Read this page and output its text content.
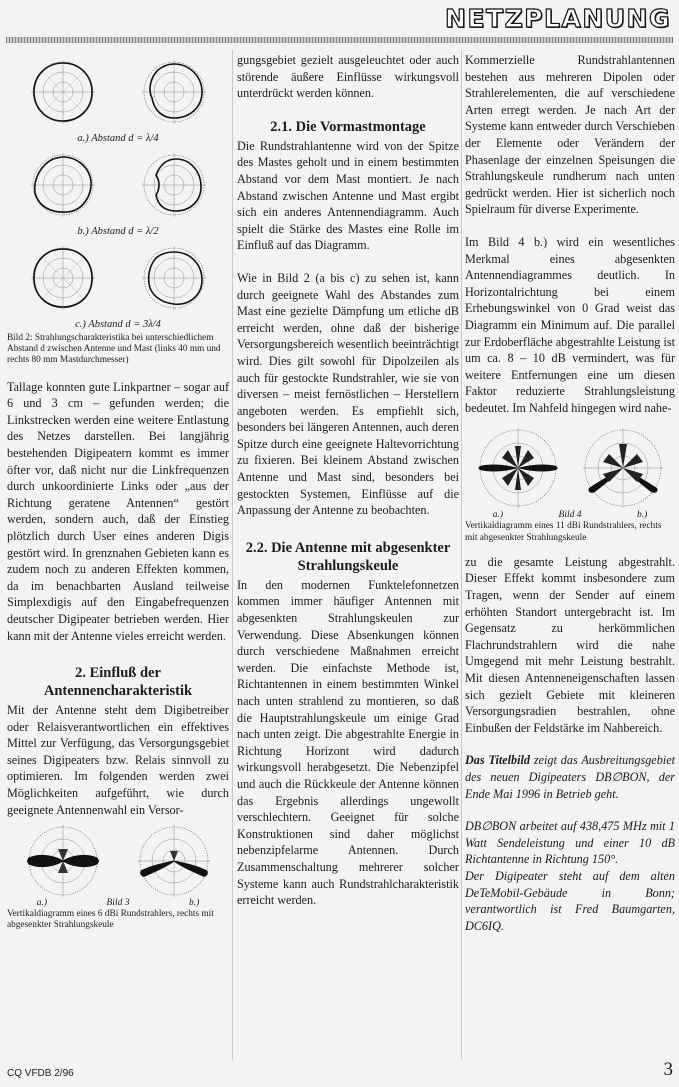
NETZPLANUNG

a.) Abstand d = λ/4

b.) Abstand d = λ/2

c.) Abstand d = 3λ/4

Bild 2: Strahlungscharakteristika bei unterschiedlichem Abstand d zwischen Antenne und Mast (links 40 mm und rechts 80 mm Mastdurchmesser)

Tallage konnten gute Linkpartner – sogar auf 6 und 3 cm – gefunden werden; die Linkstrecken werden eine weitere Entlastung des Netzes darstellen. Bei langjährig bestehenden Digipeatern kommt es immer öfter vor, daß nicht nur die Linkfrequenzen durch unkoordinierte Links oder „aus der Richtung geratene Antennen“ gestört werden, sondern auch, daß der Einstieg plötzlich durch User eines anderen Digis gestört wird. In grenznahen Gebieten kann es zudem noch zu anderen Effekten kommen, da im benachbarten Ausland teilweise Simplexdigis auf den Eingabefrequenzen deutscher Digipeater betrieben werden. Hier kann mit der Antenne vieles erreicht werden.

2. Einfluß der Antennencharakteristik

Mit der Antenne steht dem Digibetreiber oder Relaisverantwortlichen ein effektives Mittel zur Verfügung, das Versorgungsgebiet seines Digipeaters bzw. Relais sinnvoll zu optimieren. Im folgenden werden zwei Möglichkeiten aufgeführt, wie durch geeignete Antennenwahl ein Versor-

a.)	Bild 3	b.)

Vertikaldiagramm eines 6 dBi Rundstrahlers, rechts mit abgesenkter Strahlungskeule

gungsgebiet gezielt ausgeleuchtet oder auch störende äußere Einflüsse wirkungsvoll unterdrückt werden können.

2.1. Die Vormastmontage

Die Rundstrahlantenne wird von der Spitze des Mastes geholt und in einem bestimmten Abstand vor dem Mast montiert. Je nach Abstand zwischen Antenne und Mast ergibt sich ein anderes Antennendiagramm. Auch spielt die Stärke des Mastes eine Rolle im Einfluß auf das Diagramm.

Wie in Bild 2 (a bis c) zu sehen ist, kann durch geeignete Wahl des Abstandes zum Mast eine gezielte Dämpfung um etliche dB erreicht werden, ohne daß der bisherige Versorgungsbereich wesentlich beeinträchtigt wird. Dies gilt sowohl für Dipolzeilen als auch für gestockte Rundstrahler, wie sie von diversen – meist fernöstlichen – Herstellern angeboten werden. Es empfiehlt sich, besonders bei längeren Antennen, auch deren Spitze durch eine geeignete Haltevorrichtung zu fixieren. Bei kleinem Abstand zwischen Antenne und Mast sind, besonders bei gestockten Systemen, Einflüsse auf die Anpassung der Antenne zu beobachten.

2.2. Die Antenne mit abgesenkter Strahlungskeule

In den modernen Funktelefonnetzen kommen immer häufiger Antennen mit abgesenkten Strahlungskeulen zur Verwendung. Diese Absenkungen können durch verschiedene Maßnahmen erreicht werden. Die einfachste Methode ist, Richtantennen in einem bestimmten Winkel nach unten strahlend zu montieren, so daß die Hauptstrahlungskeule um einige Grad nach unten zeigt. Die abgestrahlte Energie in Richtung Horizont wird dadurch wirkungsvoll herabgesetzt. Die Nebenzipfel und auch die Rückkeule der Antenne können das Ergebnis allerdings ungewollt verschlechtern. Geeignet für solche Konstruktionen sind daher möglichst nebenzipfelarme Antennen. Durch Zusammenschaltung mehrerer solcher Systeme kann auch Rundstrahlcharakteristik erreicht werden.

Kommerzielle Rundstrahlantennen bestehen aus mehreren Dipolen oder Strahlerelementen, die auf verschiedene Arten erregt werden. Je nach Art der Systeme kann entweder durch Verschieben der Elemente oder Verändern der Phasenlage der einzelnen Speisungen die Strahlungskeule rundherum nach unten gedrückt werden. Hier ist sicherlich noch Spielraum für diverse Experimente.

Im Bild 4 b.) wird ein wesentliches Merkmal eines abgesenkten Antennendiagrammes deutlich. In Horizontalrichtung bei einem Erhebungswinkel von 0 Grad weist das Diagramm ein Minimum auf. Die parallel zur Erdoberfläche abgestrahlte Leistung ist um ca. 8 – 10 dB vermindert, was für weitere Entfernungen eine um diesen Faktor reduzierte Strahlungsleistung bedeutet. Im Nahfeld hingegen wird nahe-

a.)	Bild 4	b.)

Vertikaldiagramm eines 11 dBi Rundstrahlers, rechts mit abgesenkter Strahlungskeule

zu die gesamte Leistung abgestrahlt. Dieser Effekt kommt insbesondere zum Tragen, wenn der Sender auf einem erhöhten Standort untergebracht ist. Im Gegensatz zu herkömmlichen Flachrundstrahlern wird die nahe Umgegend mit mehr Leistung bestrahlt. Mit diesen Antenneneigenschaften lassen sich gezielt Gebiete mit kleineren Versorgungsradien bestrahlen, ohne Einbußen der Feldstärke im Nahbereich.

Das Titelbild zeigt das Ausbreitungsgebiet des neuen Digipeaters DB∅BON, der Ende Mai 1996 in Betrieb geht.

DB∅BON arbeitet auf 438,475 MHz mit 1 Watt Sendeleistung und einer 10 dB Richtantenne in Richtung 150°.

Der Digipeater steht auf dem alten DeTeMobil-Gebäude in Bonn; verantwortlich ist Fred Baumgarten, DC6IQ.

CQ VFDB 2/96	3
